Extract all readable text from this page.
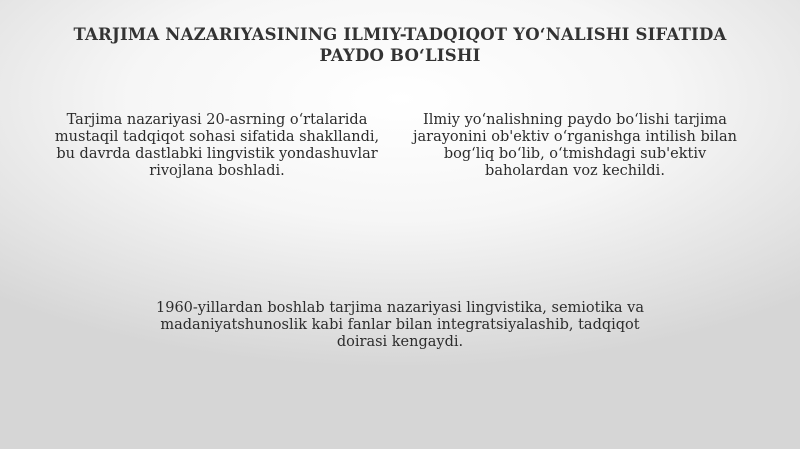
TARJIMA NAZARIYASINING ILMIY-TADQIQOT YO‘NALISHI SIFATIDA PAYDO BO‘LISHI
Tarjima nazariyasi 20-asrning o‘rtalarida mustaqil tadqiqot sohasi sifatida shakllandi, bu davrda dastlabki lingvistik yondashuvlar rivojlana boshladi.
Ilmiy yo‘nalishning paydo bo‘lishi tarjima jarayonini ob'ektiv o‘rganishga intilish bilan bog‘liq bo‘lib, o‘tmishdagi sub'ektiv baholardan voz kechildi.
1960-yillardan boshlab tarjima nazariyasi lingvistika, semiotika va madaniyatshunoslik kabi fanlar bilan integratsiyalashib, tadqiqot doirasi kengaydi.
